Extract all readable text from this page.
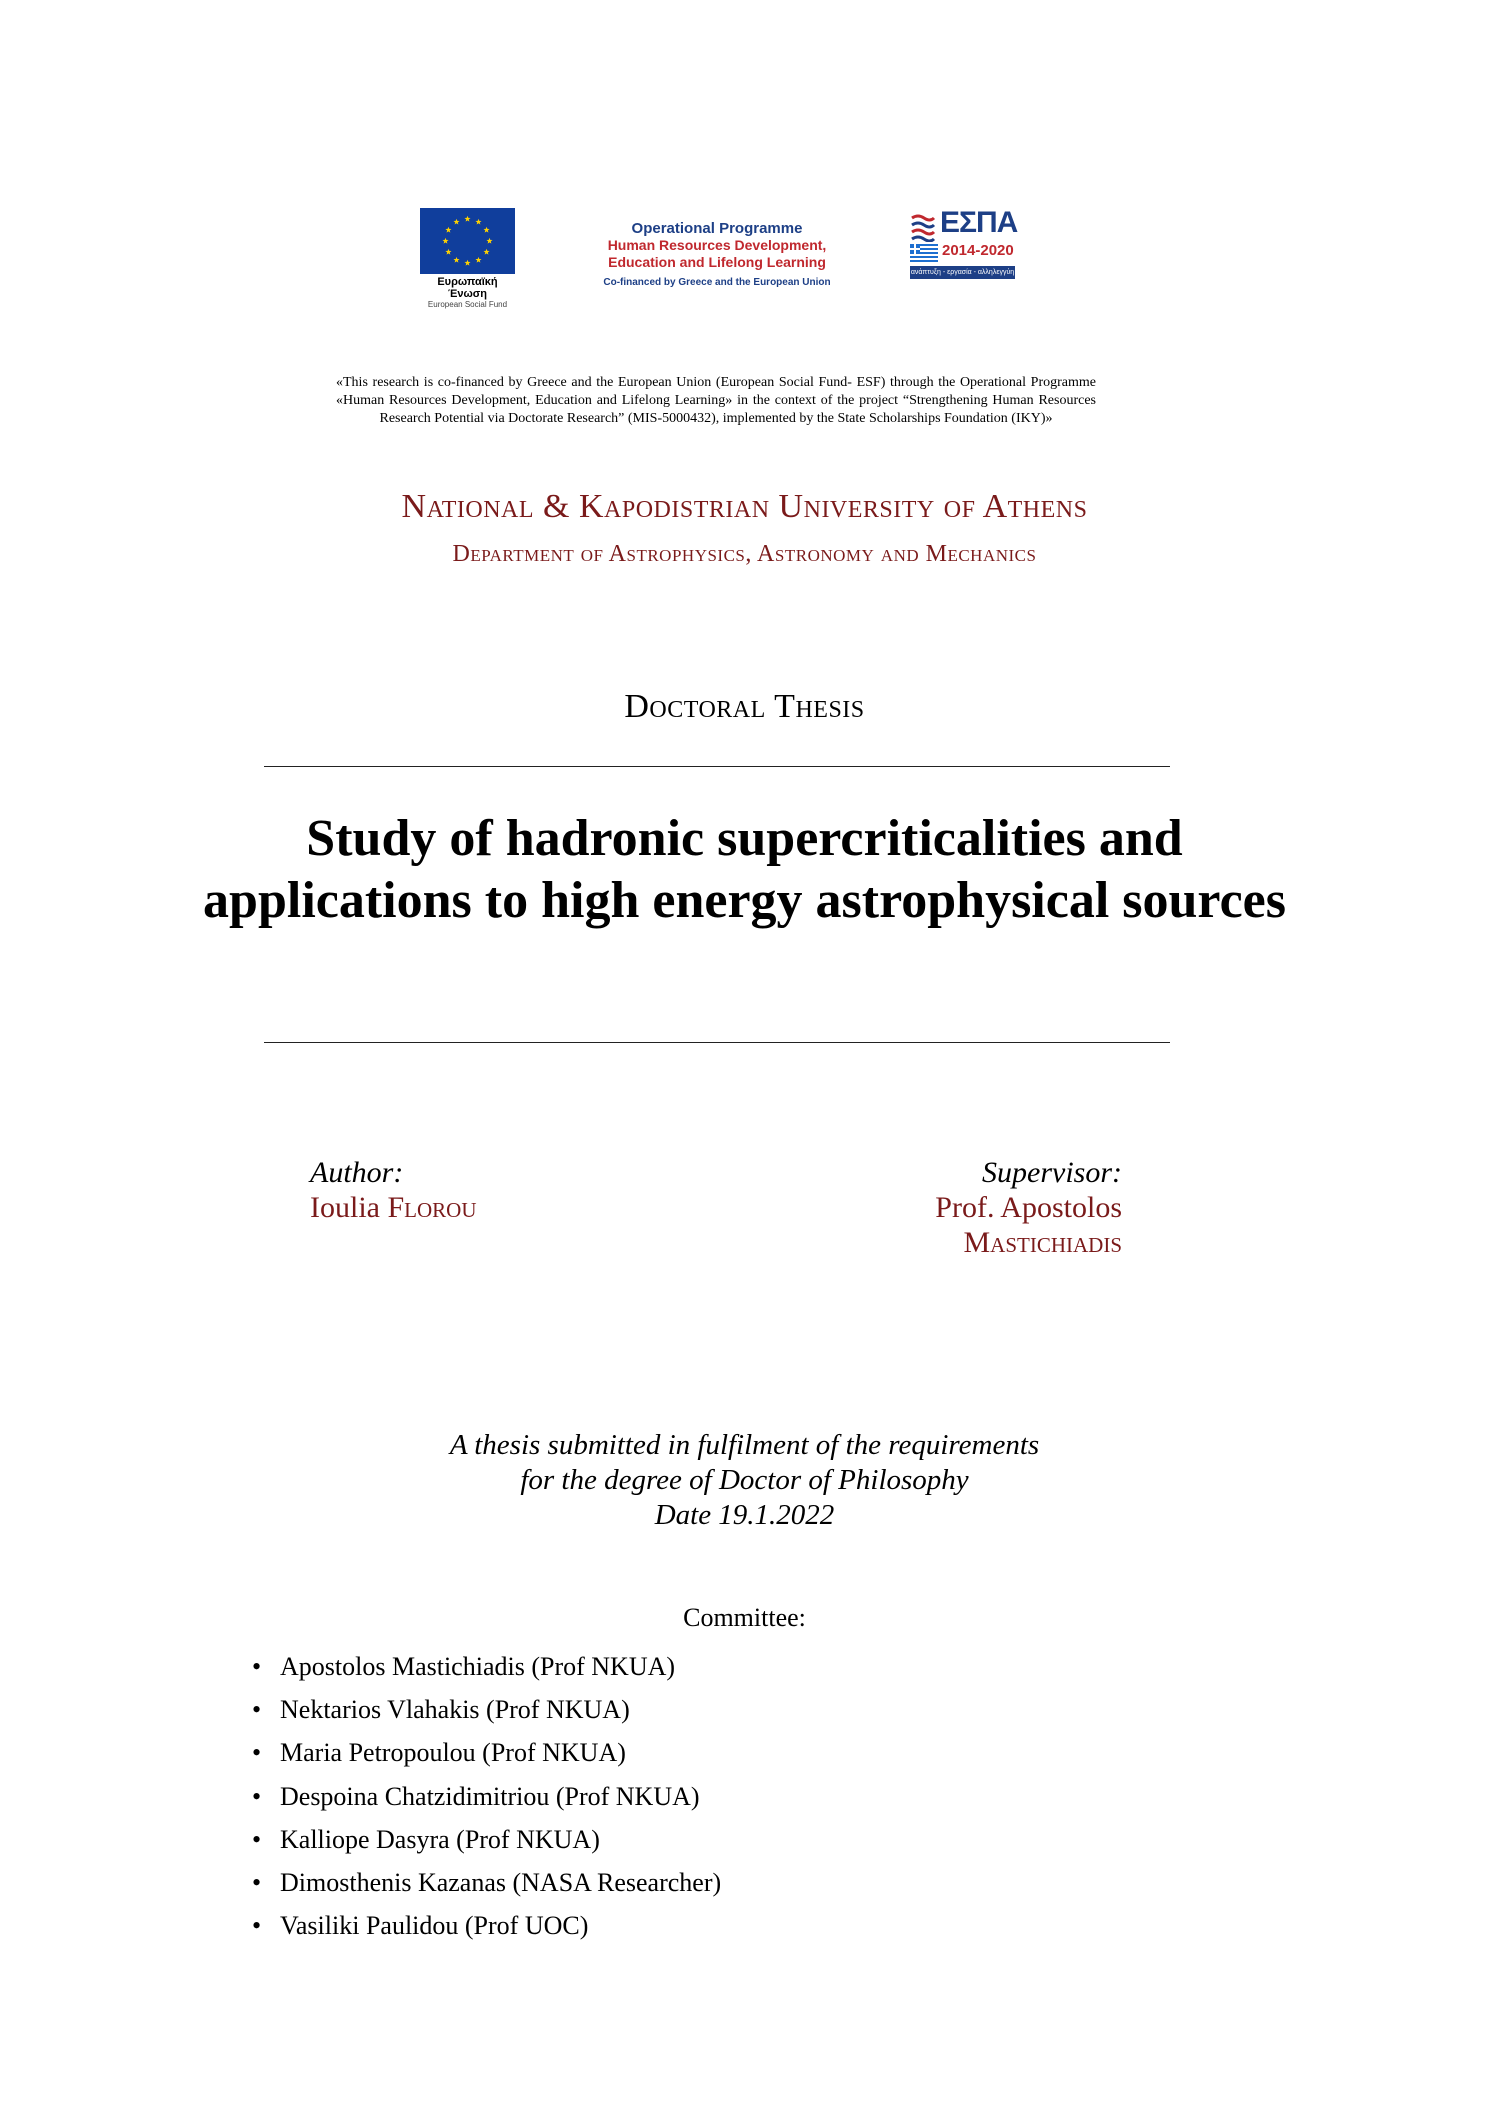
Ευρωπαϊκή Ένωση
European Social Fund
Operational Programme
Human Resources Development,
Education and Lifelong Learning
Co-financed by Greece and the European Union
ΕΣΠΑ
2014-2020
ανάπτυξη - εργασία - αλληλεγγύη
«This research is co-financed by Greece and the European Union (European Social Fund- ESF) through the Operational Programme «Human Resources Development, Education and Lifelong Learning» in the context of the project “Strengthening Human Resources Research Potential via Doctorate Research” (MIS-5000432), implemented by the State Scholarships Foundation (IKY)»
National & Kapodistrian University of Athens
Department of Astrophysics, Astronomy and Mechanics
Doctoral Thesis
Study of hadronic supercriticalities and applications to high energy astrophysical sources
Author:
Ioulia Florou
Supervisor:
Prof. Apostolos
Mastichiadis
A thesis submitted in fulfilment of the requirements
for the degree of Doctor of Philosophy
Date 19.1.2022
Committee:
• Apostolos Mastichiadis (Prof NKUA)
• Nektarios Vlahakis (Prof NKUA)
• Maria Petropoulou (Prof NKUA)
• Despoina Chatzidimitriou (Prof NKUA)
• Kalliope Dasyra (Prof NKUA)
• Dimosthenis Kazanas (NASA Researcher)
• Vasiliki Paulidou (Prof UOC)
